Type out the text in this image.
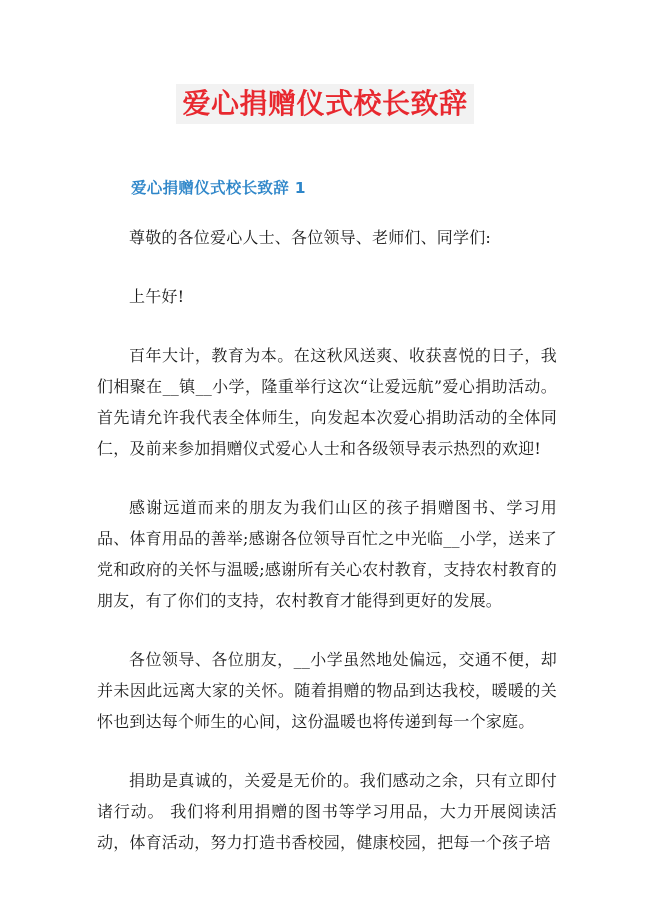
爱心捐赠仪式校长致辞
爱心捐赠仪式校长致辞 1

尊敬的各位爱心人士、各位领导、老师们、同学们:

上午好!

百年大计，教育为本。在这秋风送爽、收获喜悦的日子，我们相聚在__镇__小学，隆重举行这次“让爱远航”爱心捐助活动。首先请允许我代表全体师生，向发起本次爱心捐助活动的全体同仁，及前来参加捐赠仪式爱心人士和各级领导表示热烈的欢迎!

感谢远道而来的朋友为我们山区的孩子捐赠图书、学习用品、体育用品的善举;感谢各位领导百忙之中光临__小学，送来了党和政府的关怀与温暖;感谢所有关心农村教育，支持农村教育的朋友，有了你们的支持，农村教育才能得到更好的发展。

各位领导、各位朋友，__小学虽然地处偏远，交通不便，却并未因此远离大家的关怀。随着捐赠的物品到达我校，暖暖的关怀也到达每个师生的心间，这份温暖也将传递到每一个家庭。

捐助是真诚的，关爱是无价的。我们感动之余，只有立即付诸行动。 我们将利用捐赠的图书等学习用品，大力开展阅读活动，体育活动，努力打造书香校园，健康校园，把每一个孩子培
